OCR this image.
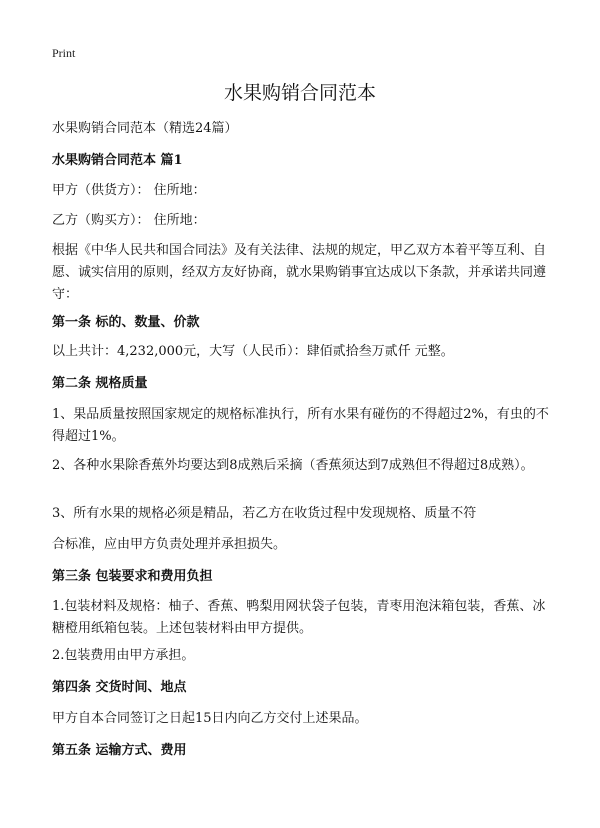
Print
水果购销合同范本
水果购销合同范本（精选24篇）
水果购销合同范本 篇1
甲方（供货方）： 住所地：
乙方（购买方）： 住所地：
根据《中华人民共和国合同法》及有关法律、法规的规定，甲乙双方本着平等互利、自愿、诚实信用的原则，经双方友好协商，就水果购销事宜达成以下条款，并承诺共同遵守：
第一条 标的、数量、价款
以上共计：4,232,000元，大写（人民币）：肆佰贰拾叁万贰仟 元整。
第二条 规格质量
1、果品质量按照国家规定的规格标准执行，所有水果有碰伤的不得超过2%，有虫的不得超过1%。
2、各种水果除香蕉外均要达到8成熟后采摘（香蕉须达到7成熟但不得超过8成熟）。
3、所有水果的规格必须是精品，若乙方在收货过程中发现规格、质量不符
合标准，应由甲方负责处理并承担损失。
第三条 包装要求和费用负担
1.包装材料及规格：柚子、香蕉、鸭梨用网状袋子包装，青枣用泡沫箱包装，香蕉、冰糖橙用纸箱包装。上述包装材料由甲方提供。
2.包装费用由甲方承担。
第四条 交货时间、地点
甲方自本合同签订之日起15日内向乙方交付上述果品。
第五条 运输方式、费用
